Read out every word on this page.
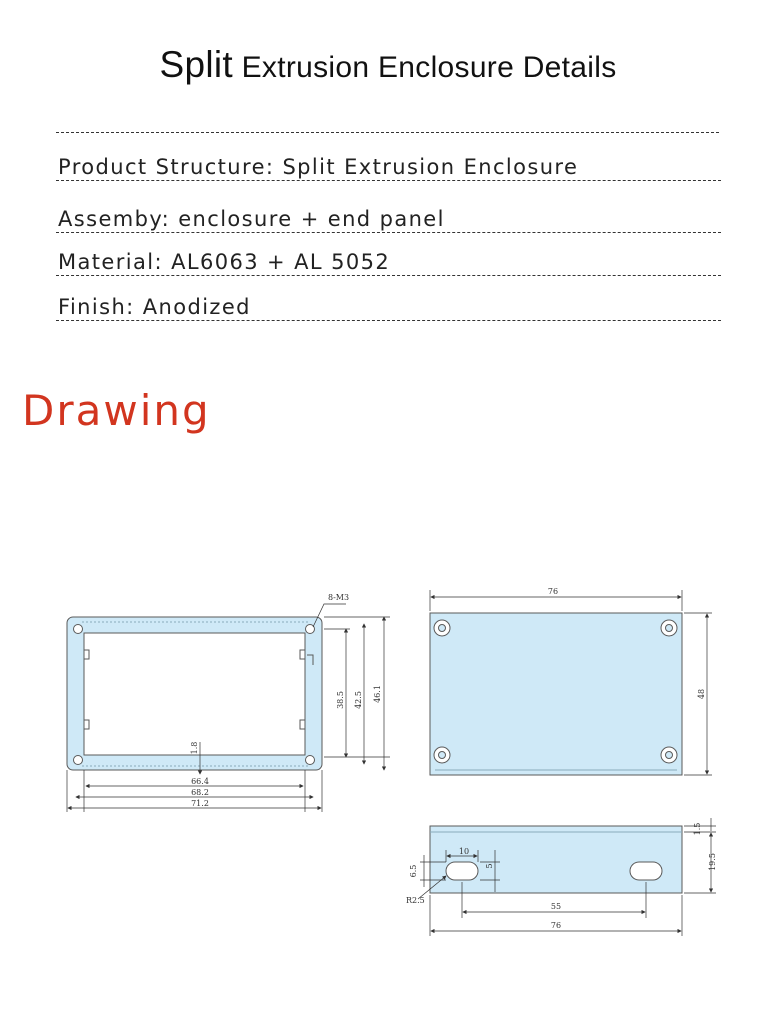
Split Extrusion Enclosure Details
Product Structure: Split Extrusion Enclosure
Assemby: enclosure + end panel
Material: AL6063 + AL 5052
Finish: Anodized
Drawing
8-M3
38.5 42.5 46.1
1.8
66.4
68.2
71.2
76
48
10
5
6.5
R2.5
1.5
19.5
55
76
